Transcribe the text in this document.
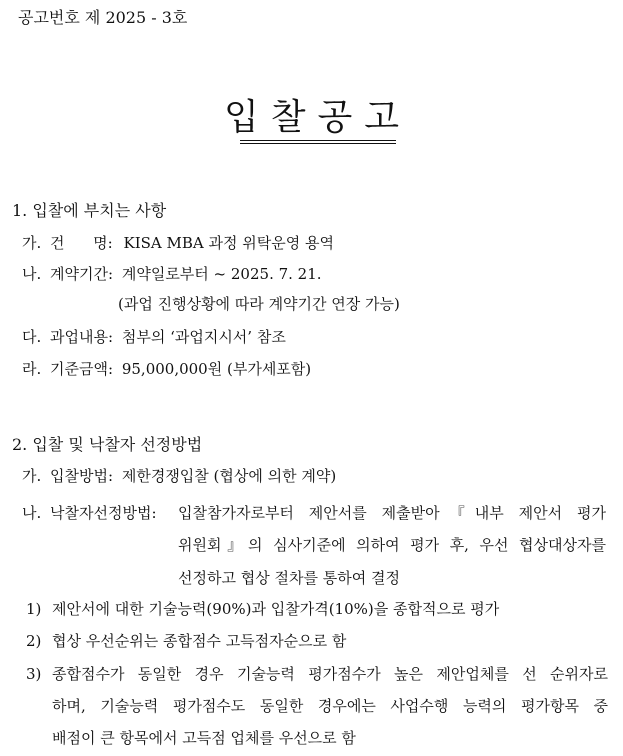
공고번호 제 2025 - 3호
입찰공고
1. 입찰에 부치는 사항
가. 건      명: KISA MBA 과정 위탁운영 용역
나. 계약기간: 계약일로부터 ~ 2025. 7. 21.
(과업 진행상황에 따라 계약기간 연장 가능)
다. 과업내용: 첨부의 ‘과업지시서’ 참조
라. 기준금액: 95,000,000원 (부가세포함)
2. 입찰 및 낙찰자 선정방법
가. 입찰방법: 제한경쟁입찰 (협상에 의한 계약)
나. 낙찰자선정방법: 입찰참가자로부터 제안서를 제출받아『내부 제안서 평가
위원회』의 심사기준에 의하여 평가 후, 우선 협상대상자를
선정하고 협상 절차를 통하여 결정
1) 제안서에 대한 기술능력(90%)과 입찰가격(10%)을 종합적으로 평가
2) 협상 우선순위는 종합점수 고득점자순으로 함
3) 종합점수가 동일한 경우 기술능력 평가점수가 높은 제안업체를 선 순위자로
하며, 기술능력 평가점수도 동일한 경우에는 사업수행 능력의 평가항목 중
배점이 큰 항목에서 고득점 업체를 우선으로 함
